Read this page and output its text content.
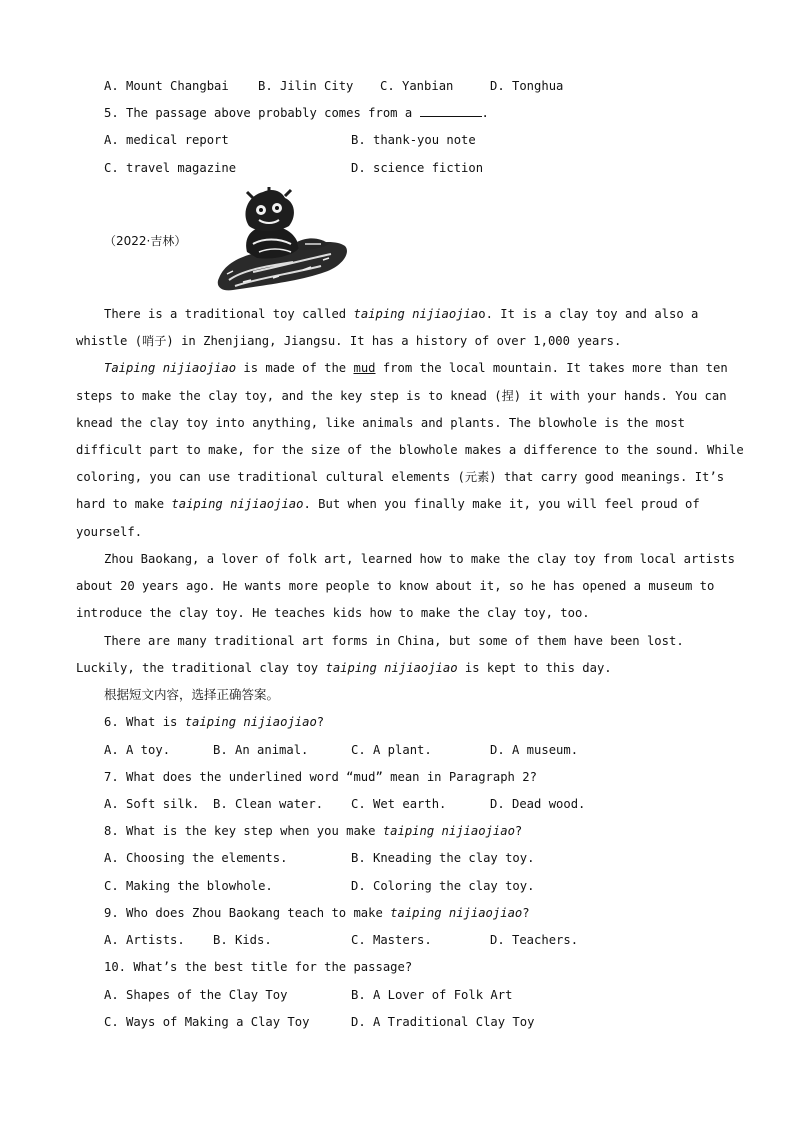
A. Mount Changbai B. Jilin City C. Yanbian	D. Tonghua
5. The passage above probably comes from a	.
A. medical report	B. thank-you note
C. travel magazine	D. science fiction
（2022·吉林）
There is a traditional toy called taiping nijiaojiao. It is a clay toy and also a
whistle (哨子) in Zhenjiang, Jiangsu. It has a history of over 1,000 years.
Taiping nijiaojiao is made of the mud from the local mountain. It takes more than ten
steps to make the clay toy, and the key step is to knead (捏) it with your hands. You can
knead the clay toy into anything, like animals and plants. The blowhole is the most
difficult part to make, for the size of the blowhole makes a difference to the sound. While
coloring, you can use traditional cultural elements (元素) that carry good meanings. It’s
hard to make taiping nijiaojiao. But when you finally make it, you will feel proud of
yourself.
Zhou Baokang, a lover of folk art, learned how to make the clay toy from local artists
about 20 years ago. He wants more people to know about it, so he has opened a museum to
introduce the clay toy. He teaches kids how to make the clay toy, too.
There are many traditional art forms in China, but some of them have been lost.
Luckily, the traditional clay toy taiping nijiaojiao is kept to this day.
根据短文内容，选择正确答案。
6. What is taiping nijiaojiao?
A. A toy.	B. An animal.	C. A plant.	D. A museum.
7. What does the underlined word “mud” mean in Paragraph 2?
A. Soft silk. B. Clean water. C. Wet earth.	D. Dead wood.
8. What is the key step when you make taiping nijiaojiao?
A. Choosing the elements.	B. Kneading the clay toy.
C. Making the blowhole.	D. Coloring the clay toy.
9. Who does Zhou Baokang teach to make taiping nijiaojiao?
A. Artists. B. Kids.	C. Masters.	D. Teachers.
10. What’s the best title for the passage?
A. Shapes of the Clay Toy	B. A Lover of Folk Art
C. Ways of Making a Clay Toy	D. A Traditional Clay Toy
